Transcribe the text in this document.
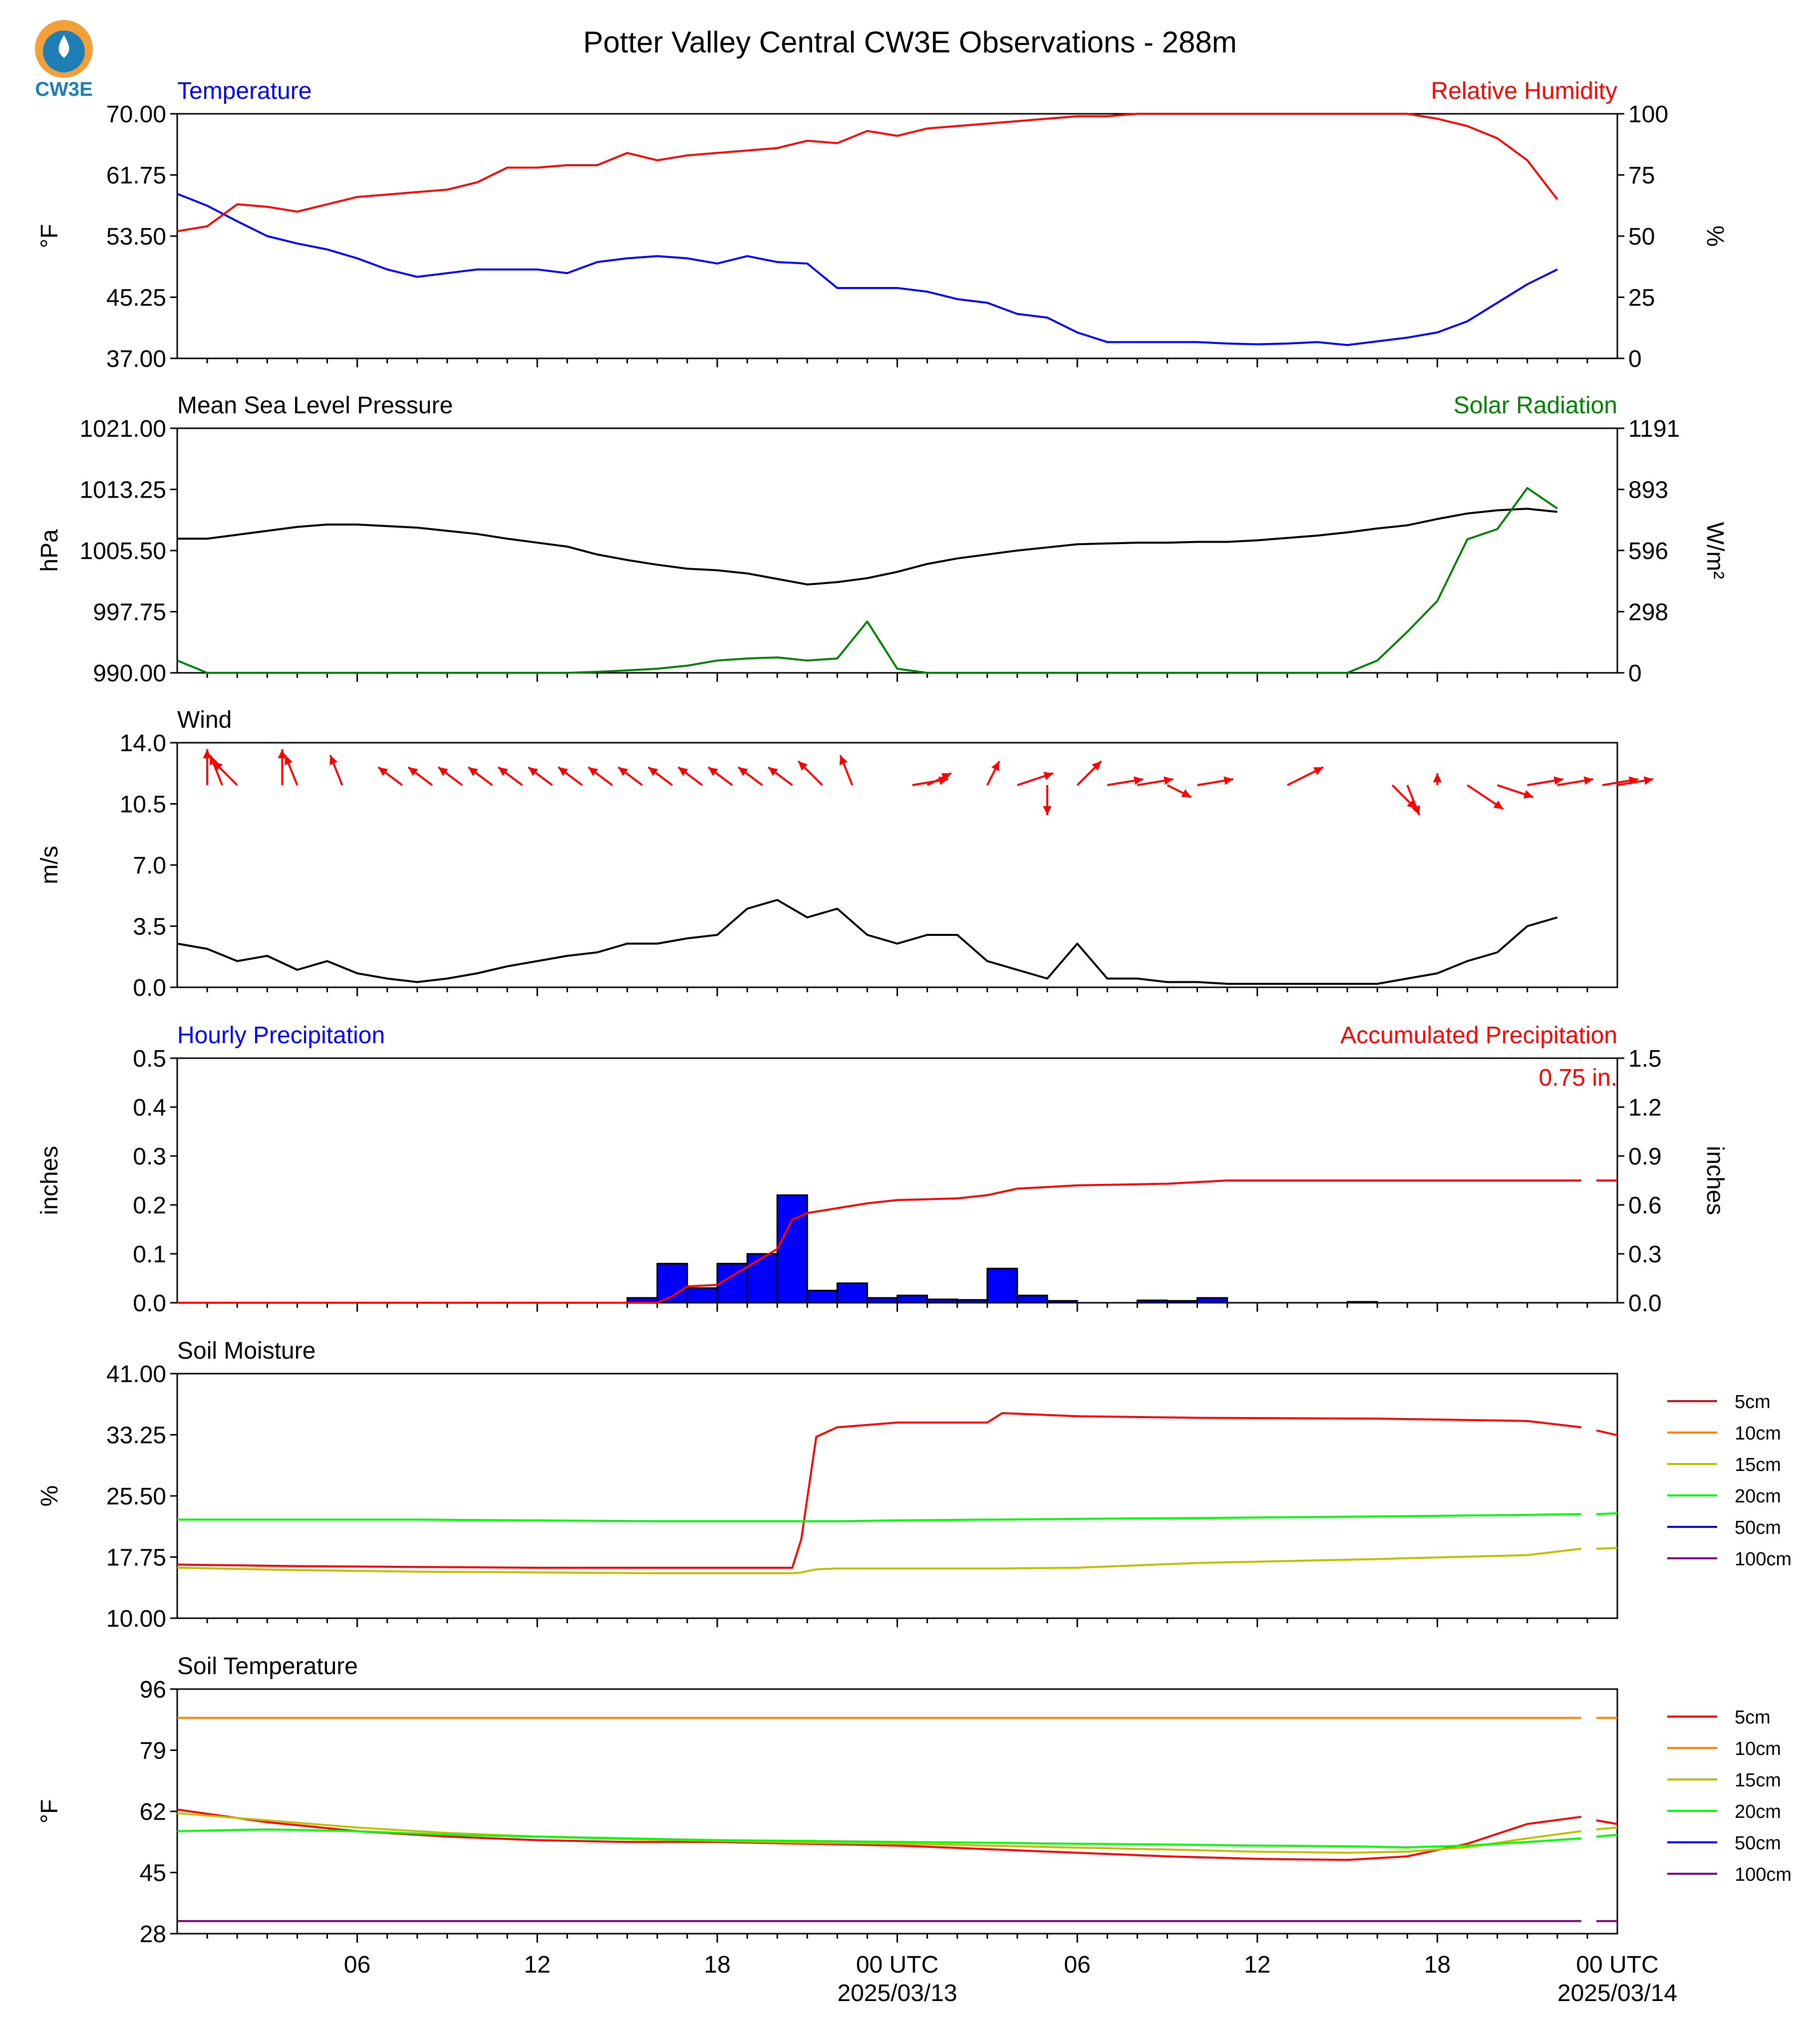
CW3E
Potter Valley Central CW3E Observations - 288m
Temperature	Relative Humidity
37.00
45.25
53.50
61.75
70.00
°F
0
25
50
75
100
%
Mean Sea Level Pressure	Solar Radiation
990.00
997.75
1005.50
1013.25
1021.00
hPa
0
298
596
893
1191
W/m²
Wind
0.0
3.5
7.0
10.5
14.0
m/s
Hourly Precipitation	Accumulated Precipitation
0.0
0.1
0.2
0.3
0.4
0.5
inches
0.0
0.3
0.6
0.9
1.2
1.5
inches
0.75 in.
Soil Moisture
10.00
17.75
25.50
33.25
41.00
%
5cm
10cm
15cm
20cm
50cm
100cm
Soil Temperature
28
45
62
79
96
°F
5cm
10cm
15cm
20cm
50cm
100cm
06	12	18	00 UTC	06	12	18	00 UTC
2025/03/13	2025/03/14
